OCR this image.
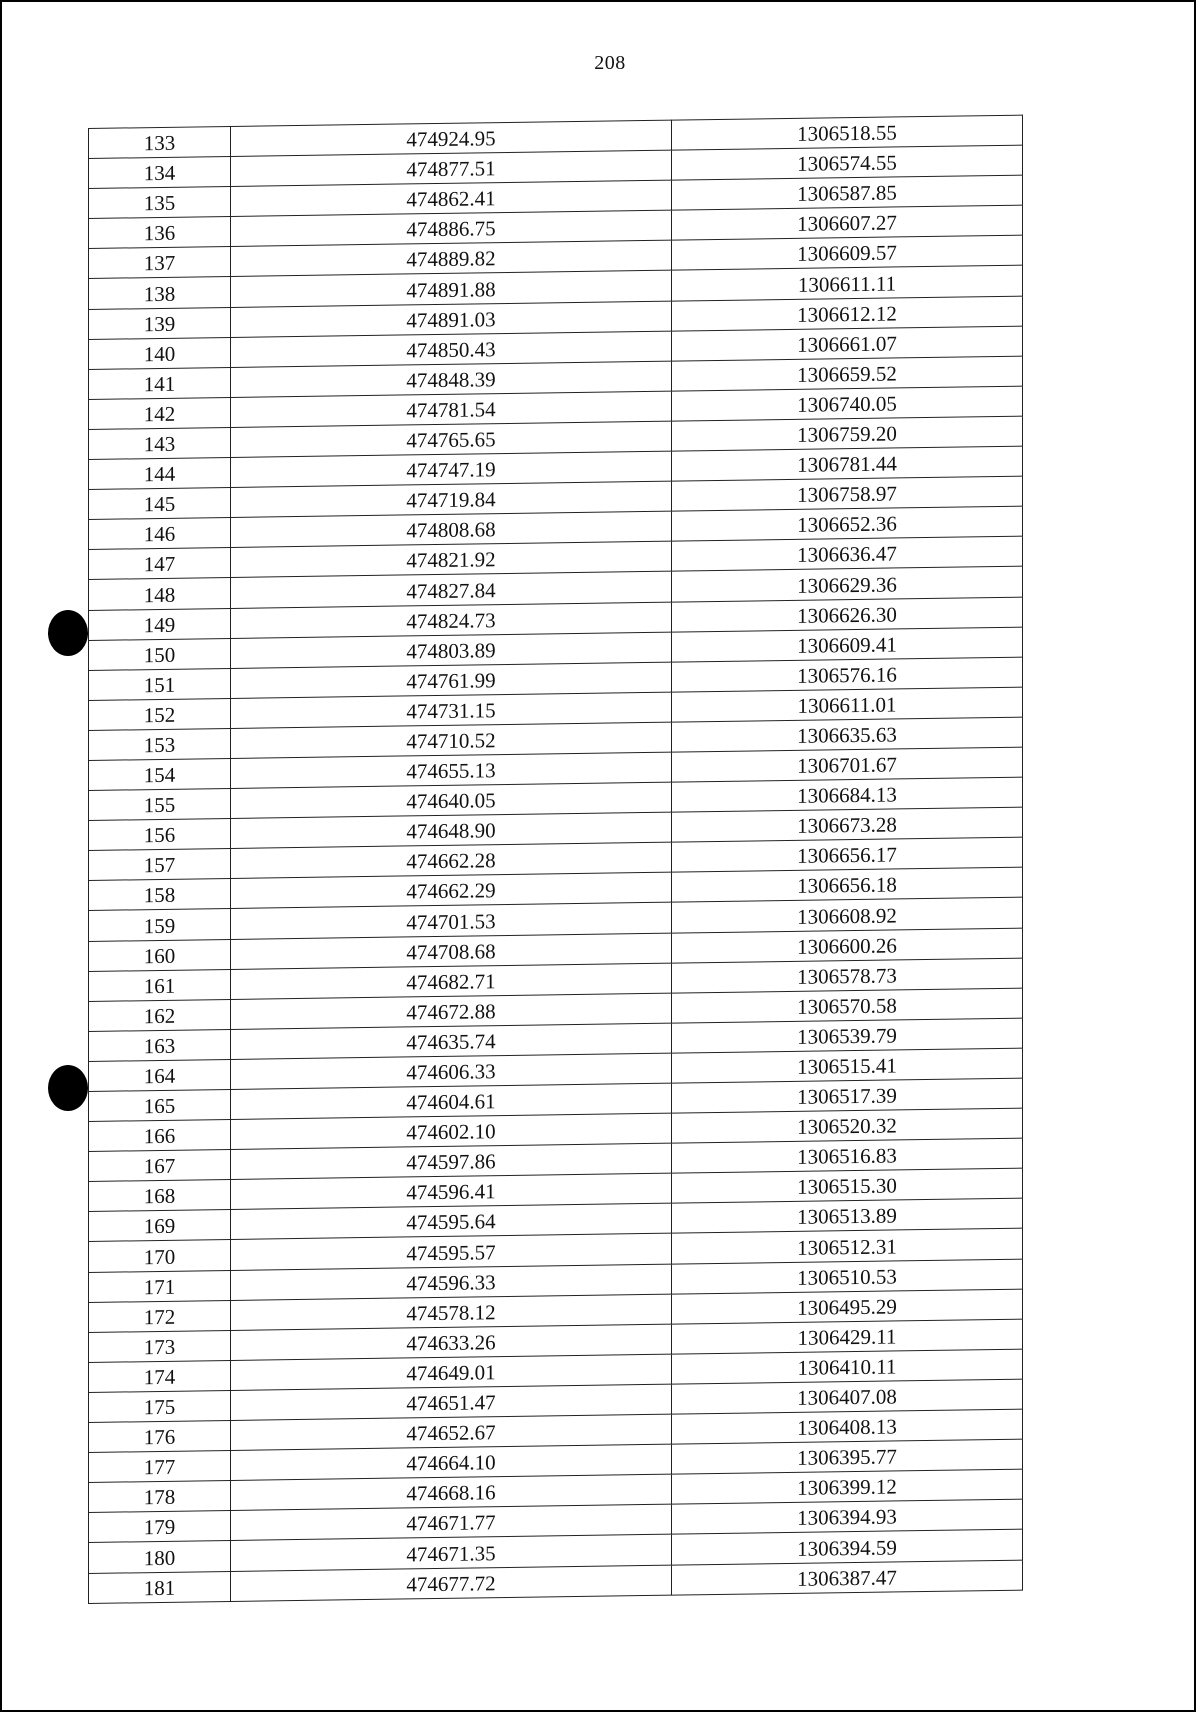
208
133	474924.95	1306518.55
134	474877.51	1306574.55
135	474862.41	1306587.85
136	474886.75	1306607.27
137	474889.82	1306609.57
138	474891.88	1306611.11
139	474891.03	1306612.12
140	474850.43	1306661.07
141	474848.39	1306659.52
142	474781.54	1306740.05
143	474765.65	1306759.20
144	474747.19	1306781.44
145	474719.84	1306758.97
146	474808.68	1306652.36
147	474821.92	1306636.47
148	474827.84	1306629.36
149	474824.73	1306626.30
150	474803.89	1306609.41
151	474761.99	1306576.16
152	474731.15	1306611.01
153	474710.52	1306635.63
154	474655.13	1306701.67
155	474640.05	1306684.13
156	474648.90	1306673.28
157	474662.28	1306656.17
158	474662.29	1306656.18
159	474701.53	1306608.92
160	474708.68	1306600.26
161	474682.71	1306578.73
162	474672.88	1306570.58
163	474635.74	1306539.79
164	474606.33	1306515.41
165	474604.61	1306517.39
166	474602.10	1306520.32
167	474597.86	1306516.83
168	474596.41	1306515.30
169	474595.64	1306513.89
170	474595.57	1306512.31
171	474596.33	1306510.53
172	474578.12	1306495.29
173	474633.26	1306429.11
174	474649.01	1306410.11
175	474651.47	1306407.08
176	474652.67	1306408.13
177	474664.10	1306395.77
178	474668.16	1306399.12
179	474671.77	1306394.93
180	474671.35	1306394.59
181	474677.72	1306387.47
